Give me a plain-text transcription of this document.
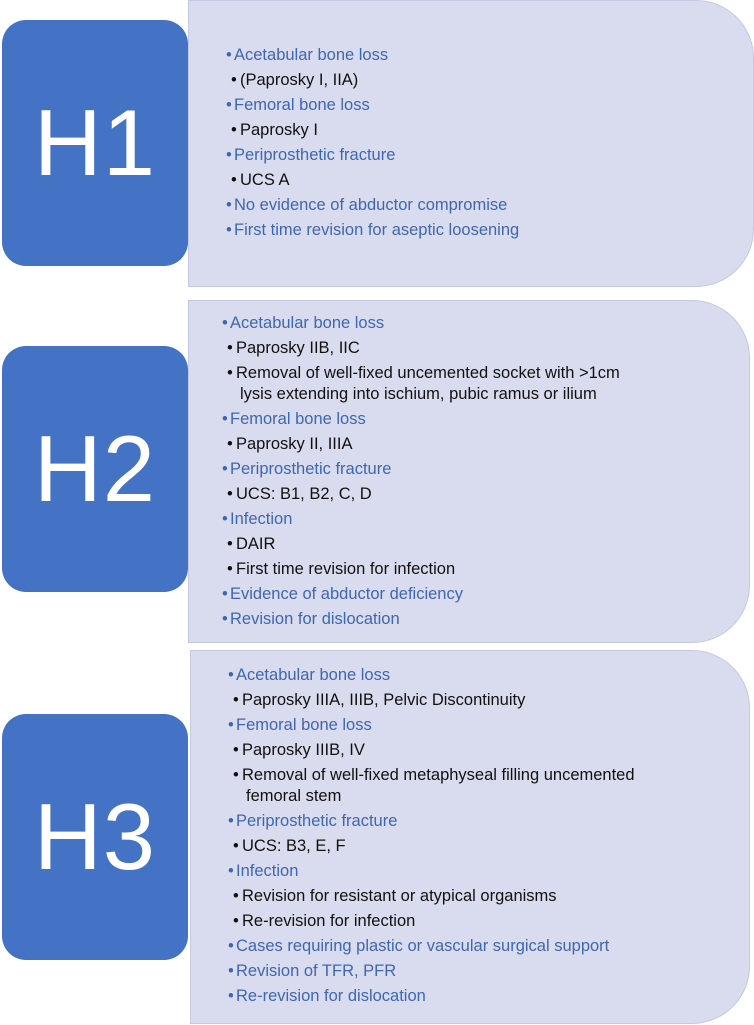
H1
• Acetabular bone loss
• (Paprosky I, IIA)
• Femoral bone loss
• Paprosky I
• Periprosthetic fracture
• UCS A
• No evidence of abductor compromise
• First time revision for aseptic loosening
H2
• Acetabular bone loss
• Paprosky IIB, IIC
• Removal of well-fixed uncemented socket with >1cm
lysis extending into ischium, pubic ramus or ilium
• Femoral bone loss
• Paprosky II, IIIA
• Periprosthetic fracture
• UCS: B1, B2, C, D
• Infection
• DAIR
• First time revision for infection
• Evidence of abductor deficiency
• Revision for dislocation
H3
• Acetabular bone loss
• Paprosky IIIA, IIIB, Pelvic Discontinuity
• Femoral bone loss
• Paprosky IIIB, IV
• Removal of well-fixed metaphyseal filling uncemented
femoral stem
• Periprosthetic fracture
• UCS: B3, E, F
• Infection
• Revision for resistant or atypical organisms
• Re-revision for infection
• Cases requiring plastic or vascular surgical support
• Revision of TFR, PFR
• Re-revision for dislocation
